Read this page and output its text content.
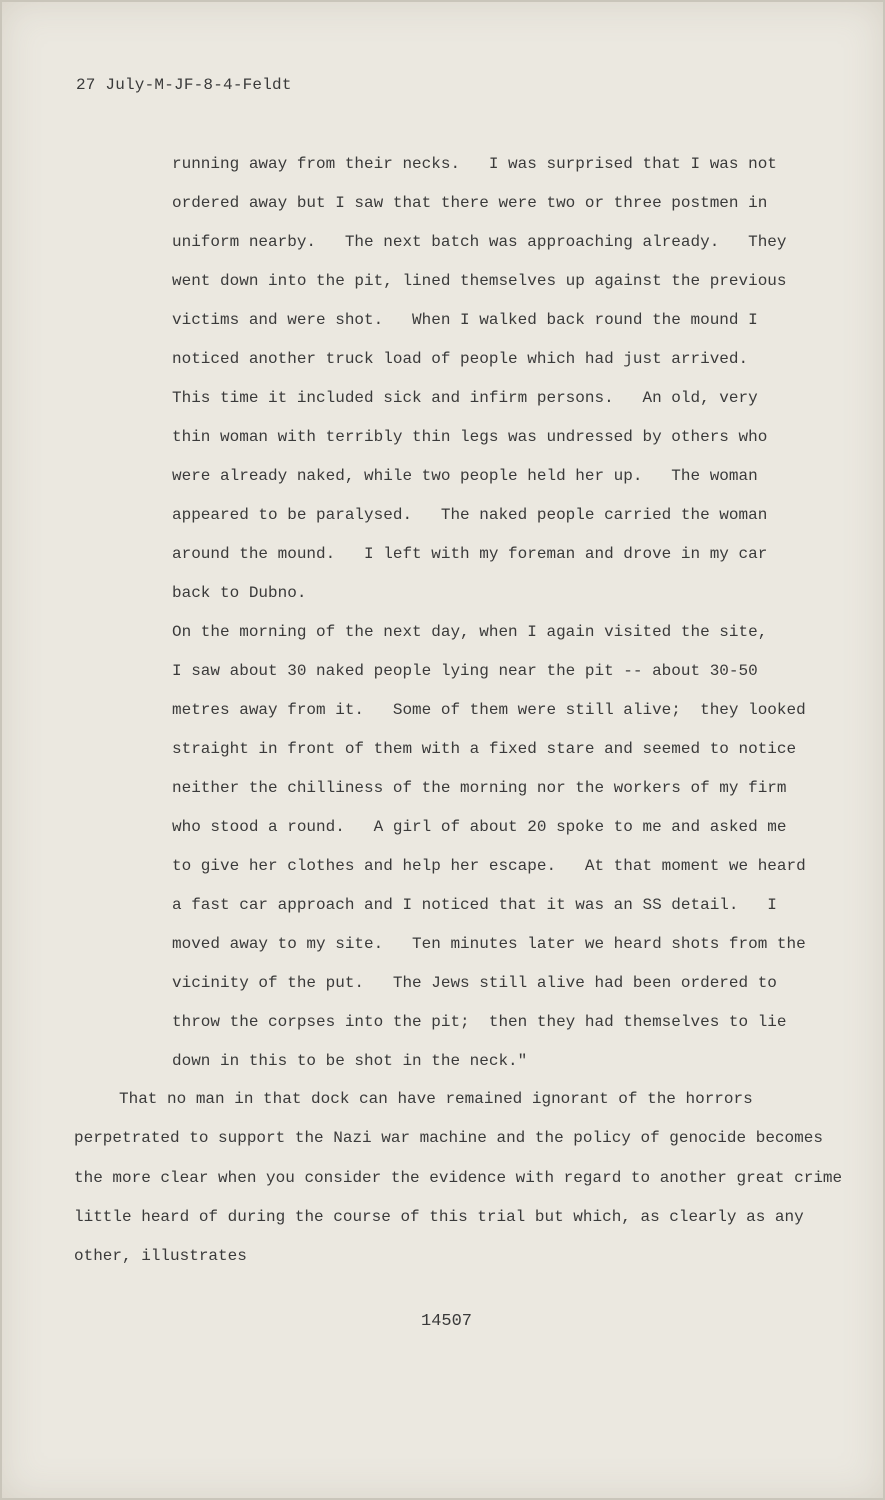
27 July-M-JF-8-4-Feldt
running away from their necks.   I was surprised that I was not
ordered away but I saw that there were two or three postmen in
uniform nearby.   The next batch was approaching already.   They
went down into the pit, lined themselves up against the previous
victims and were shot.   When I walked back round the mound I
noticed another truck load of people which had just arrived.
This time it included sick and infirm persons.   An old, very
thin woman with terribly thin legs was undressed by others who
were already naked, while two people held her up.   The woman
appeared to be paralysed.   The naked people carried the woman
around the mound.   I left with my foreman and drove in my car
back to Dubno.
On the morning of the next day, when I again visited the site,
I saw about 30 naked people lying near the pit -- about 30-50
metres away from it.   Some of them were still alive;  they looked
straight in front of them with a fixed stare and seemed to notice
neither the chilliness of the morning nor the workers of my firm
who stood a round.   A girl of about 20 spoke to me and asked me
to give her clothes and help her escape.   At that moment we heard
a fast car approach and I noticed that it was an SS detail.   I
moved away to my site.   Ten minutes later we heard shots from the
vicinity of the put.   The Jews still alive had been ordered to
throw the corpses into the pit;  then they had themselves to lie
down in this to be shot in the neck."
That no man in that dock can have remained ignorant of the horrors
perpetrated to support the Nazi war machine and the policy of genocide becomes
the more clear when you consider the evidence with regard to another great crime
little heard of during the course of this trial but which, as clearly as any
other, illustrates
14507
